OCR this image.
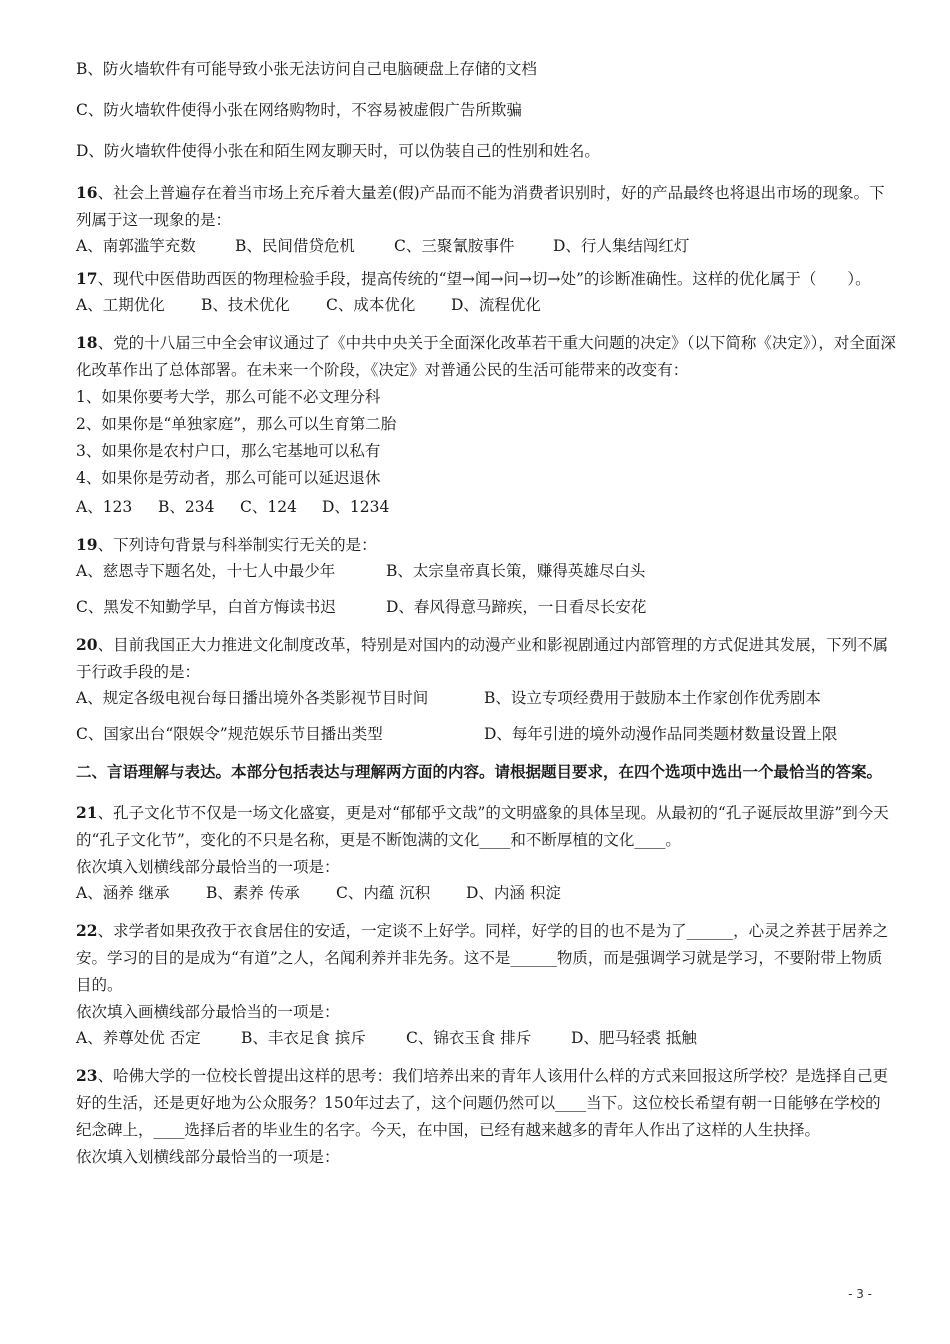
B、防火墙软件有可能导致小张无法访问自己电脑硬盘上存储的文档
C、防火墙软件使得小张在网络购物时，不容易被虚假广告所欺骗
D、防火墙软件使得小张在和陌生网友聊天时，可以伪装自己的性别和姓名。
16、社会上普遍存在着当市场上充斥着大量差(假)产品而不能为消费者识别时，好的产品最终也将退出市场的现象。下列属于这一现象的是：
A、南郭滥竽充数	B、民间借贷危机	C、三聚氰胺事件	D、行人集结闯红灯
17、现代中医借助西医的物理检验手段，提高传统的“望→闻→问→切→处”的诊断准确性。这样的优化属于（　　）。
A、工期优化	B、技术优化	C、成本优化	D、流程优化
18、党的十八届三中全会审议通过了《中共中央关于全面深化改革若干重大问题的决定》（以下简称《决定》），对全面深化改革作出了总体部署。在未来一个阶段，《决定》对普通公民的生活可能带来的改变有：
1、如果你要考大学，那么可能不必文理分科
2、如果你是“单独家庭”，那么可以生育第二胎
3、如果你是农村户口，那么宅基地可以私有
4、如果你是劳动者，那么可能可以延迟退休
A、123	B、234	C、124	D、1234
19、下列诗句背景与科举制实行无关的是：
A、慈恩寺下题名处，十七人中最少年	B、太宗皇帝真长策，赚得英雄尽白头
C、黑发不知勤学早，白首方悔读书迟	D、春风得意马蹄疾，一日看尽长安花
20、目前我国正大力推进文化制度改革，特别是对国内的动漫产业和影视剧通过内部管理的方式促进其发展，下列不属于行政手段的是：
A、规定各级电视台每日播出境外各类影视节目时间	B、设立专项经费用于鼓励本土作家创作优秀剧本
C、国家出台“限娱令”规范娱乐节目播出类型	D、每年引进的境外动漫作品同类题材数量设置上限
二、言语理解与表达。本部分包括表达与理解两方面的内容。请根据题目要求，在四个选项中选出一个最恰当的答案。
21、孔子文化节不仅是一场文化盛宴，更是对“郁郁乎文哉”的文明盛象的具体呈现。从最初的“孔子诞辰故里游”到今天的“孔子文化节”，变化的不只是名称，更是不断饱满的文化____和不断厚植的文化____。
依次填入划横线部分最恰当的一项是：
A、涵养 继承	B、素养 传承	C、内蕴 沉积	D、内涵 积淀
22、求学者如果孜孜于衣食居住的安适，一定谈不上好学。同样，好学的目的也不是为了______，心灵之养甚于居养之安。学习的目的是成为“有道”之人，名闻利养并非先务。这不是______物质，而是强调学习就是学习，不要附带上物质目的。
依次填入画横线部分最恰当的一项是：
A、养尊处优 否定	B、丰衣足食 摈斥	C、锦衣玉食 排斥	D、肥马轻裘 抵触
23、哈佛大学的一位校长曾提出这样的思考：我们培养出来的青年人该用什么样的方式来回报这所学校？是选择自己更好的生活，还是更好地为公众服务？150年过去了，这个问题仍然可以____当下。这位校长希望有朝一日能够在学校的纪念碑上，____选择后者的毕业生的名字。今天，在中国，已经有越来越多的青年人作出了这样的人生抉择。
依次填入划横线部分最恰当的一项是：
- 3 -
